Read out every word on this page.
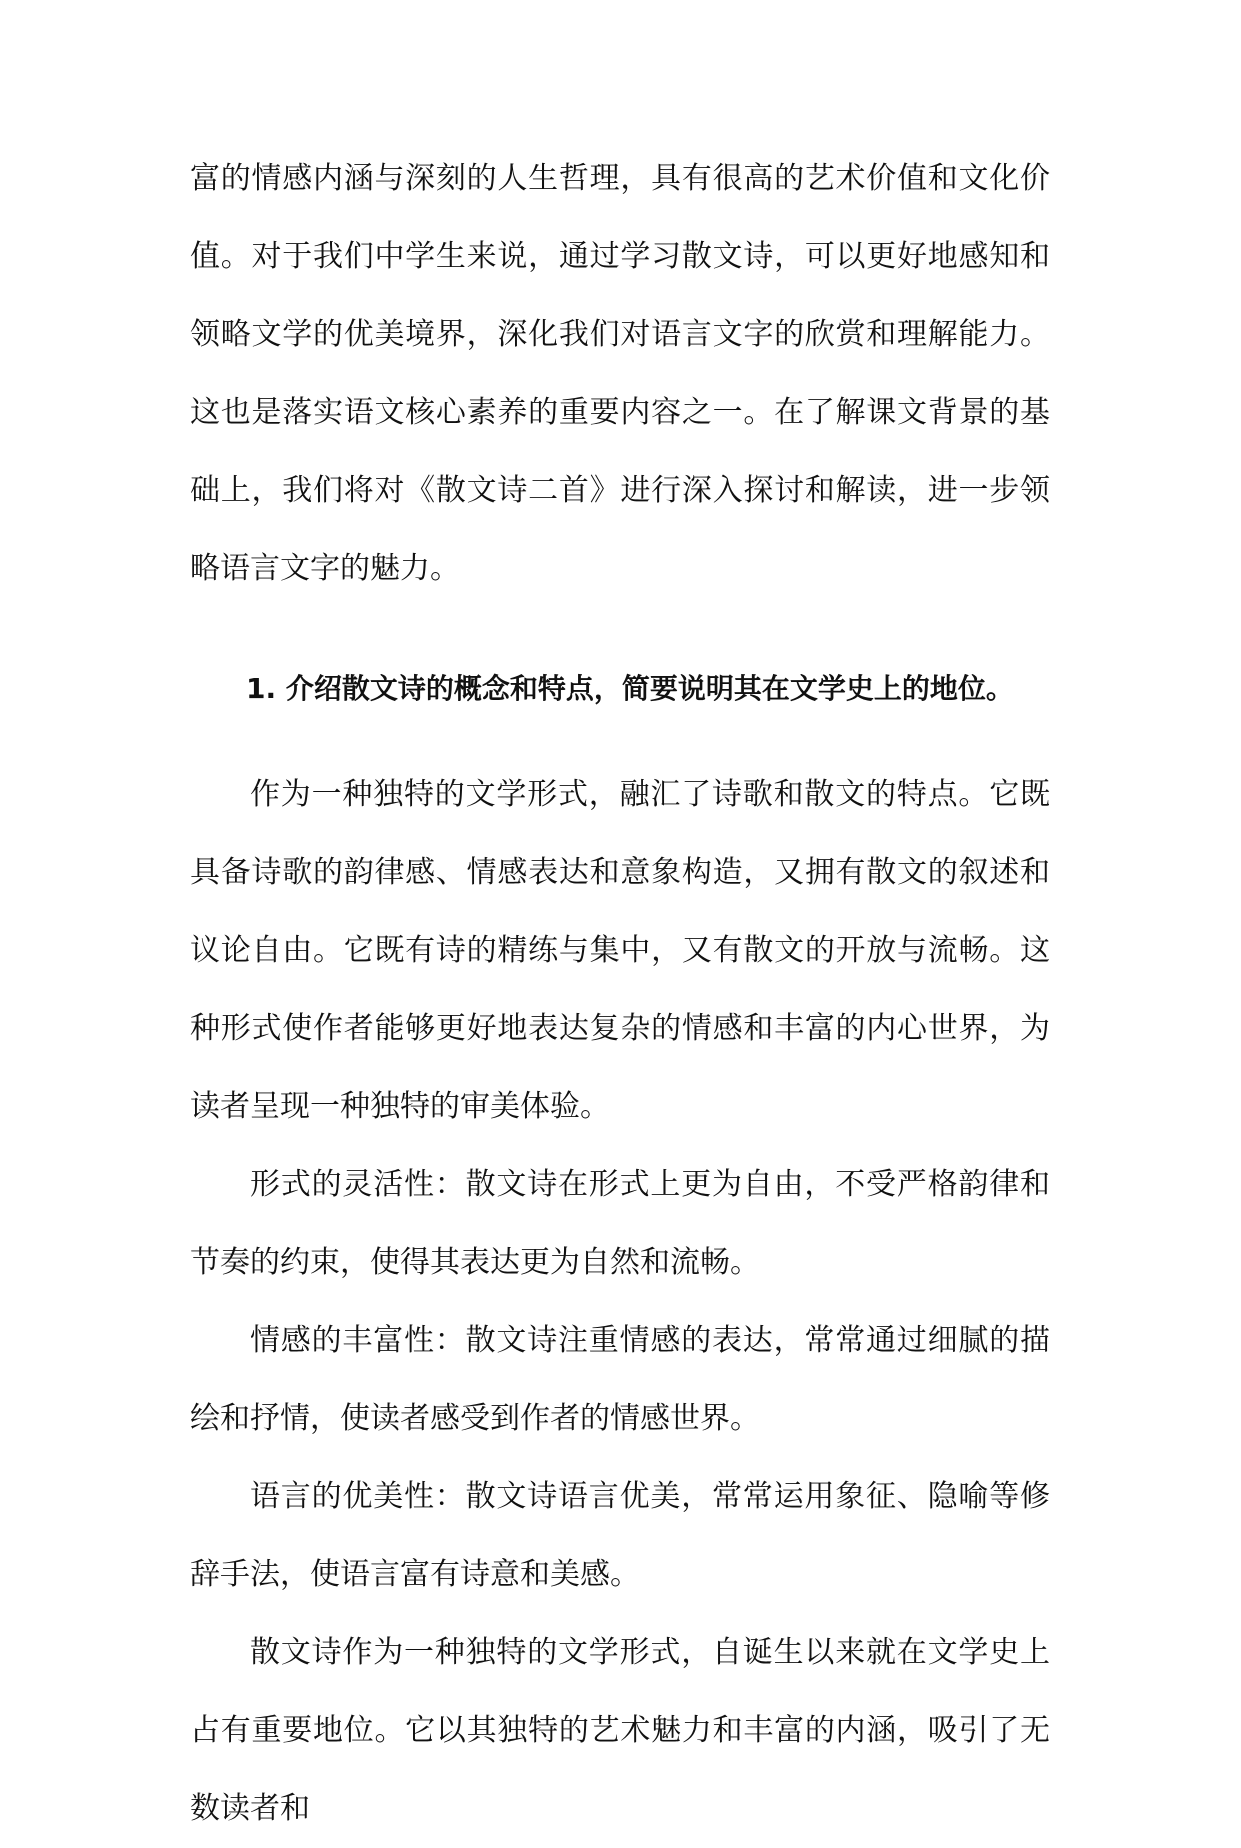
富的情感内涵与深刻的人生哲理，具有很高的艺术价值和文化价值。对于我们中学生来说，通过学习散文诗，可以更好地感知和领略文学的优美境界，深化我们对语言文字的欣赏和理解能力。这也是落实语文核心素养的重要内容之一。在了解课文背景的基础上，我们将对《散文诗二首》进行深入探讨和解读，进一步领略语言文字的魅力。

1. 介绍散文诗的概念和特点，简要说明其在文学史上的地位。

作为一种独特的文学形式，融汇了诗歌和散文的特点。它既具备诗歌的韵律感、情感表达和意象构造，又拥有散文的叙述和议论自由。它既有诗的精练与集中，又有散文的开放与流畅。这种形式使作者能够更好地表达复杂的情感和丰富的内心世界，为读者呈现一种独特的审美体验。

形式的灵活性：散文诗在形式上更为自由，不受严格韵律和节奏的约束，使得其表达更为自然和流畅。

情感的丰富性：散文诗注重情感的表达，常常通过细腻的描绘和抒情，使读者感受到作者的情感世界。

语言的优美性：散文诗语言优美，常常运用象征、隐喻等修辞手法，使语言富有诗意和美感。

散文诗作为一种独特的文学形式，自诞生以来就在文学史上占有重要地位。它以其独特的艺术魅力和丰富的内涵，吸引了无数读者和
